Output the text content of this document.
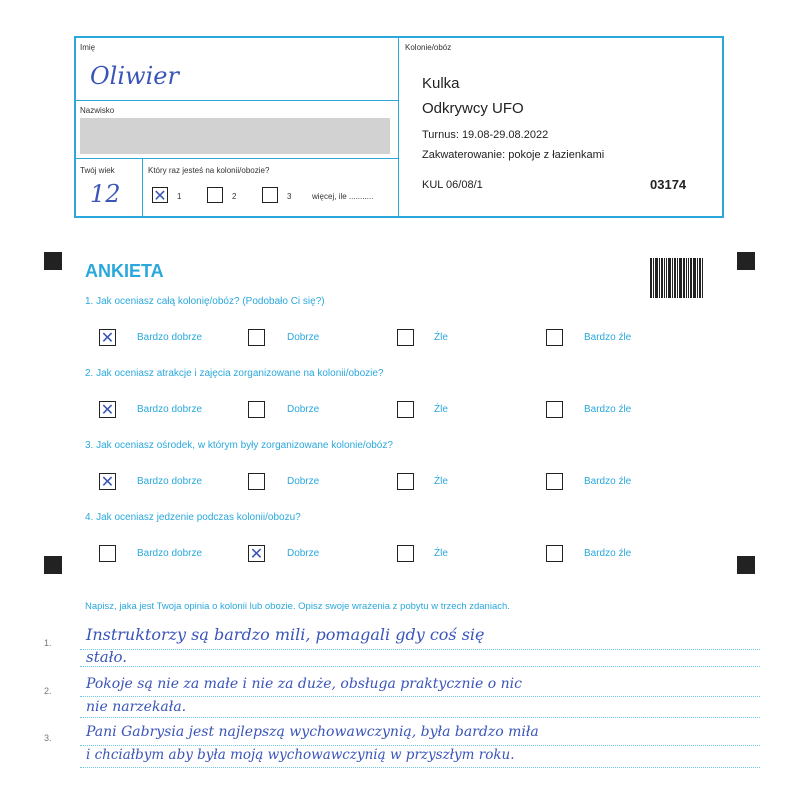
Imię
Oliwier
Nazwisko
Twój wiek
12
Który raz jesteś na kolonii/obozie?
✕ 1	2	3	więcej, ile ...........
Kolonie/obóz
Kulka
Odkrywcy UFO
Turnus: 19.08-29.08.2022
Zakwaterowanie: pokoje z łazienkami
KUL 06/08/1	03174
ANKIETA
1. Jak oceniasz całą kolonię/obóz? (Podobało Ci się?)
✕ Bardzo dobrze	Dobrze	Źle	Bardzo źle
2. Jak oceniasz atrakcje i zajęcia zorganizowane na kolonii/obozie?
✕ Bardzo dobrze	Dobrze	Źle	Bardzo źle
3. Jak oceniasz ośrodek, w którym były zorganizowane kolonie/obóz?
✕ Bardzo dobrze	Dobrze	Źle	Bardzo źle
4. Jak oceniasz jedzenie podczas kolonii/obozu?
Bardzo dobrze	✕ Dobrze	Źle	Bardzo źle
Napisz, jaka jest Twoja opinia o kolonii lub obozie. Opisz swoje wrażenia z pobytu w trzech zdaniach.
1. Instruktorzy są bardzo mili, pomagali gdy coś się
stało.
2. Pokoje są nie za małe i nie za duże, obsługa praktycznie o nic
nie narzekała.
3. Pani Gabrysia jest najlepszą wychowawczynią, była bardzo miła
i chciałbym aby była moją wychowawczynią w przyszłym roku.
